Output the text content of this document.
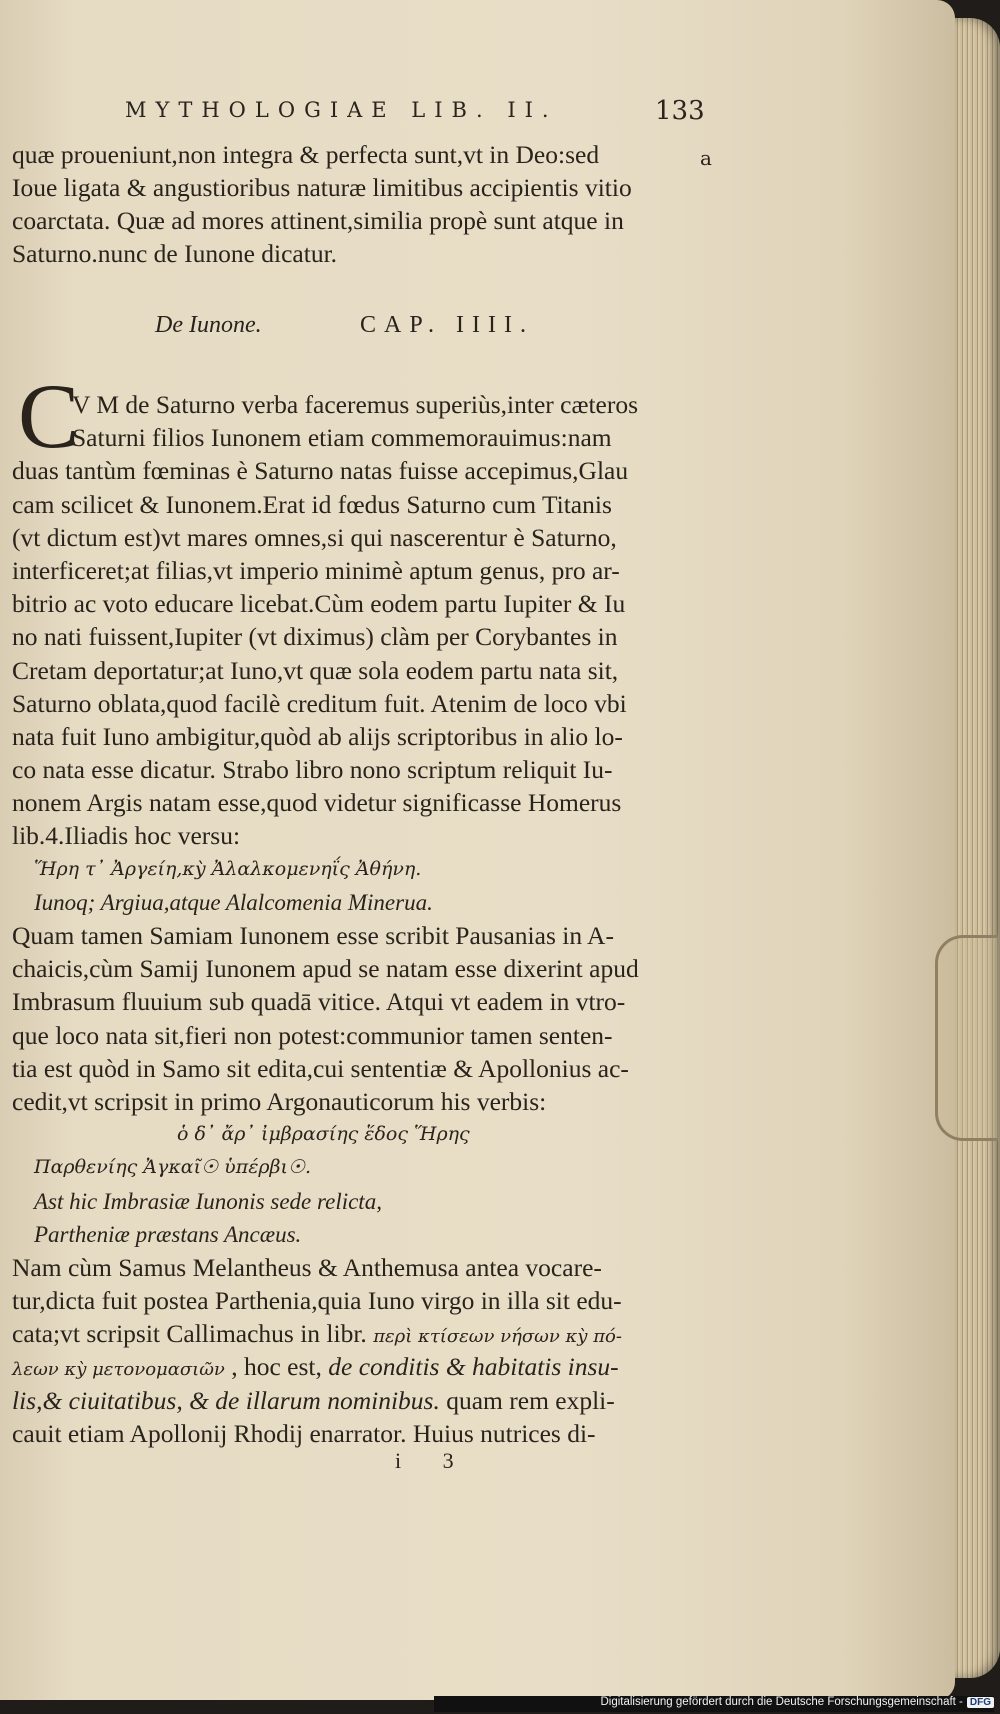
MYTHOLOGIAE LIB. II.	133
quæ proueniunt,non integra & perfecta sunt,vt in Deo:sed
Ioue ligata & angustioribus naturæ limitibus accipientis vitio
coarctata. Quæ ad mores attinent,similia propè sunt atque in
Saturno.nunc de Iunone dicatur.
a
De Iunone.	CAP. IIII.
C
V M de Saturno verba faceremus superiùs,inter cæteros
Saturni filios Iunonem etiam commemorauimus:nam
duas tantùm fœminas è Saturno natas fuisse accepimus,Glau
cam scilicet & Iunonem.Erat id fœdus Saturno cum Titanis
(vt dictum est)vt mares omnes,si qui nascerentur è Saturno,
interficeret;at filias,vt imperio minimè aptum genus, pro ar-
bitrio ac voto educare licebat.Cùm eodem partu Iupiter & Iu
no nati fuissent,Iupiter (vt diximus) clàm per Corybantes in
Cretam deportatur;at Iuno,vt quæ sola eodem partu nata sit,
Saturno oblata,quod facilè creditum fuit. Atenim de loco vbi
nata fuit Iuno ambigitur,quòd ab alijs scriptoribus in alio lo-
co nata esse dicatur. Strabo libro nono scriptum reliquit Iu-
nonem Argis natam esse,quod videtur significasse Homerus
lib.4.Iliadis hoc versu:
Ἥρη τ᾽ Ἀργείη,κỳ Ἀλαλκομενηΐς Ἀθήνη.
Iunoq; Argiua,atque Alalcomenia Minerua.
Quam tamen Samiam Iunonem esse scribit Pausanias in A-
chaicis,cùm Samij Iunonem apud se natam esse dixerint apud
Imbrasum fluuium sub quadā vitice. Atqui vt eadem in vtro-
que loco nata sit,fieri non potest:communior tamen senten-
tia est quòd in Samo sit edita,cui sententiæ & Apollonius ac-
cedit,vt scripsit in primo Argonauticorum his verbis:
ὁ δ᾽ ἄρ᾽ ἰμβρασίης ἕδος Ἥρης
Παρθενίης Ἀγκαῖ☉ ὑπέρβι☉.
Ast hic Imbrasiæ Iunonis sede relicta,
Partheniæ præstans Ancæus.
Nam cùm Samus Melantheus & Anthemusa antea vocare-
tur,dicta fuit postea Parthenia,quia Iuno virgo in illa sit edu-
cata;vt scripsit Callimachus in libr. περὶ κτίσεων νήσων κỳ πό-
λεων κỳ μετονομασιῶν , hoc est, de conditis & habitatis insu-
lis,& ciuitatibus, & de illarum nominibus. quam rem expli-
cauit etiam Apollonij Rhodij enarrator. Huius nutrices di-
i 3
Digitalisierung gefördert durch die Deutsche Forschungsgemeinschaft - DFG
